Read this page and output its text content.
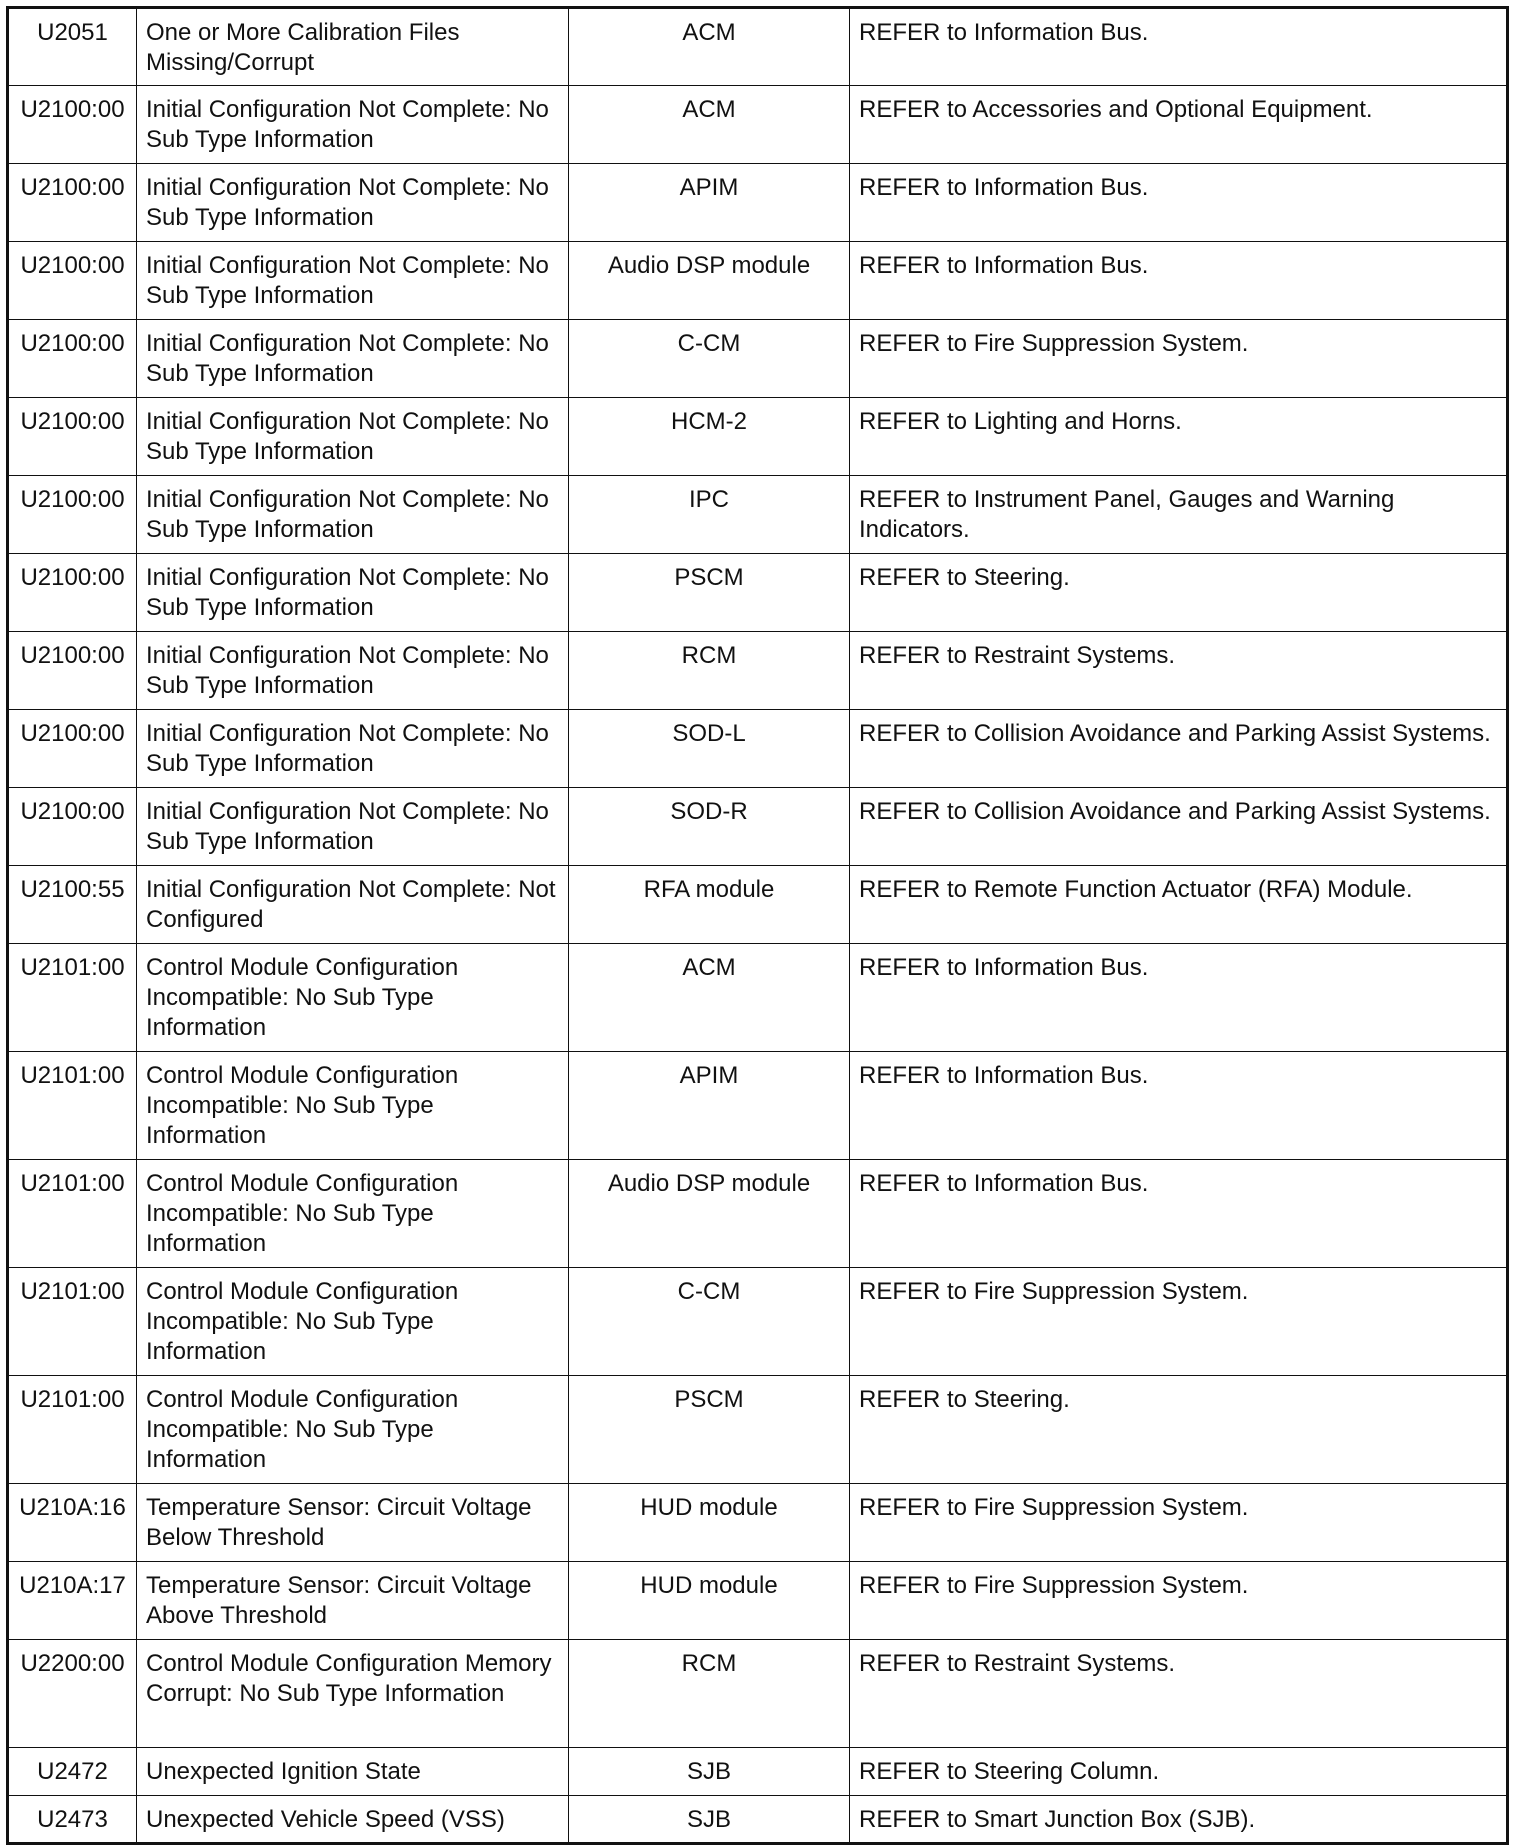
U2051	One or More Calibration Files Missing/Corrupt	ACM	REFER to Information Bus.
U2100:00	Initial Configuration Not Complete: No Sub Type Information	ACM	REFER to Accessories and Optional Equipment.
U2100:00	Initial Configuration Not Complete: No Sub Type Information	APIM	REFER to Information Bus.
U2100:00	Initial Configuration Not Complete: No Sub Type Information	Audio DSP module	REFER to Information Bus.
U2100:00	Initial Configuration Not Complete: No Sub Type Information	C-CM	REFER to Fire Suppression System.
U2100:00	Initial Configuration Not Complete: No Sub Type Information	HCM-2	REFER to Lighting and Horns.
U2100:00	Initial Configuration Not Complete: No Sub Type Information	IPC	REFER to Instrument Panel, Gauges and Warning Indicators.
U2100:00	Initial Configuration Not Complete: No Sub Type Information	PSCM	REFER to Steering.
U2100:00	Initial Configuration Not Complete: No Sub Type Information	RCM	REFER to Restraint Systems.
U2100:00	Initial Configuration Not Complete: No Sub Type Information	SOD-L	REFER to Collision Avoidance and Parking Assist Systems.
U2100:00	Initial Configuration Not Complete: No Sub Type Information	SOD-R	REFER to Collision Avoidance and Parking Assist Systems.
U2100:55	Initial Configuration Not Complete: Not Configured	RFA module	REFER to Remote Function Actuator (RFA) Module.
U2101:00	Control Module Configuration Incompatible: No Sub Type Information	ACM	REFER to Information Bus.
U2101:00	Control Module Configuration Incompatible: No Sub Type Information	APIM	REFER to Information Bus.
U2101:00	Control Module Configuration Incompatible: No Sub Type Information	Audio DSP module	REFER to Information Bus.
U2101:00	Control Module Configuration Incompatible: No Sub Type Information	C-CM	REFER to Fire Suppression System.
U2101:00	Control Module Configuration Incompatible: No Sub Type Information	PSCM	REFER to Steering.
U210A:16	Temperature Sensor: Circuit Voltage Below Threshold	HUD module	REFER to Fire Suppression System.
U210A:17	Temperature Sensor: Circuit Voltage Above Threshold	HUD module	REFER to Fire Suppression System.
U2200:00	Control Module Configuration Memory Corrupt: No Sub Type Information	RCM	REFER to Restraint Systems.
U2472	Unexpected Ignition State	SJB	REFER to Steering Column.
U2473	Unexpected Vehicle Speed (VSS)	SJB	REFER to Smart Junction Box (SJB).
